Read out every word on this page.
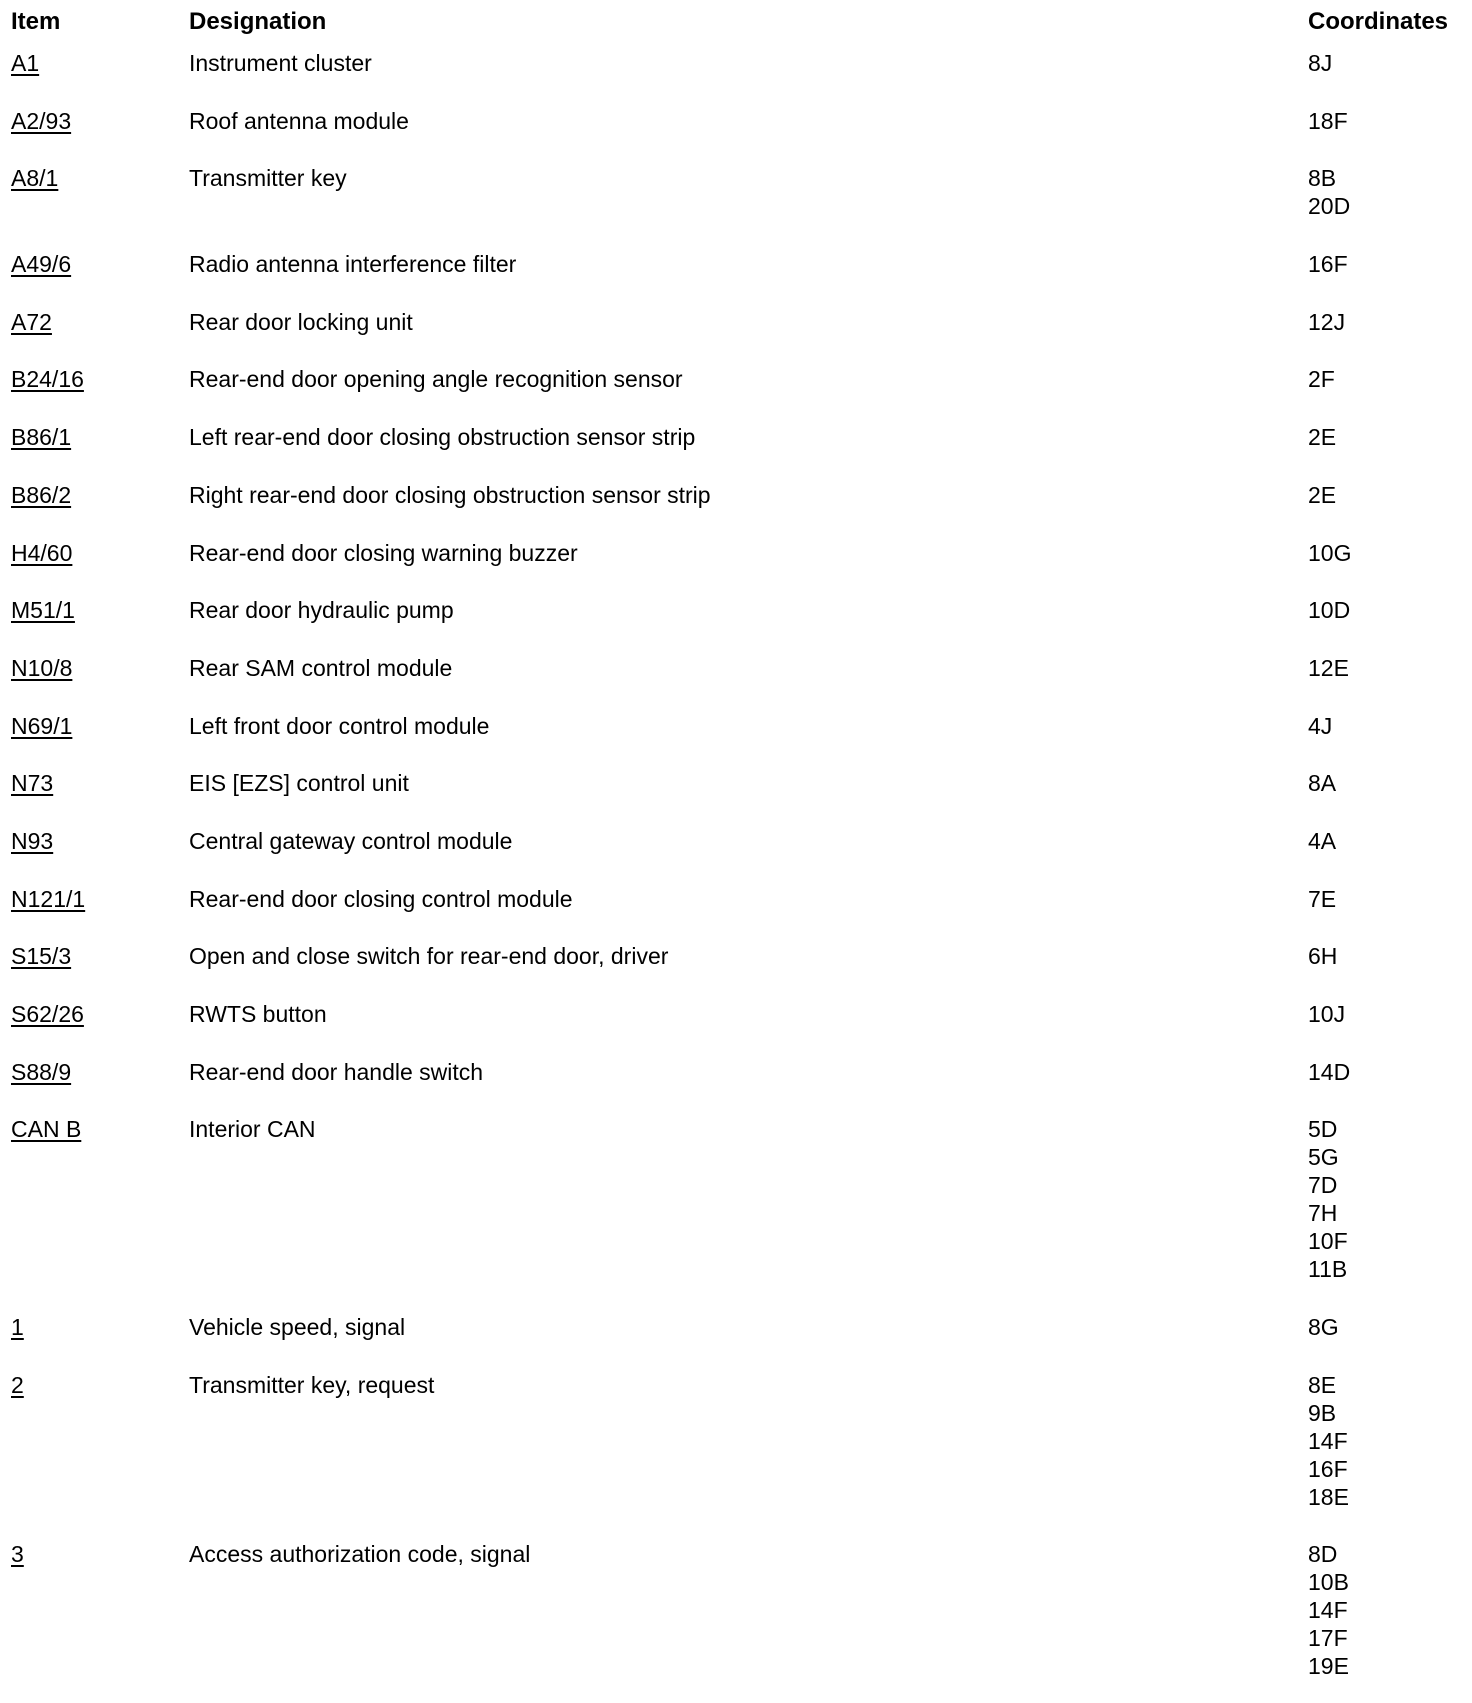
Item	Designation	Coordinates
A1	Instrument cluster	8J
A2/93	Roof antenna module	18F
A8/1	Transmitter key	8B
20D
A49/6	Radio antenna interference filter	16F
A72	Rear door locking unit	12J
B24/16	Rear-end door opening angle recognition sensor	2F
B86/1	Left rear-end door closing obstruction sensor strip	2E
B86/2	Right rear-end door closing obstruction sensor strip	2E
H4/60	Rear-end door closing warning buzzer	10G
M51/1	Rear door hydraulic pump	10D
N10/8	Rear SAM control module	12E
N69/1	Left front door control module	4J
N73	EIS [EZS] control unit	8A
N93	Central gateway control module	4A
N121/1	Rear-end door closing control module	7E
S15/3	Open and close switch for rear-end door, driver	6H
S62/26	RWTS button	10J
S88/9	Rear-end door handle switch	14D
CAN B	Interior CAN	5D
5G
7D
7H
10F
11B
1	Vehicle speed, signal	8G
2	Transmitter key, request	8E
9B
14F
16F
18E
3	Access authorization code, signal	8D
10B
14F
17F
19E
